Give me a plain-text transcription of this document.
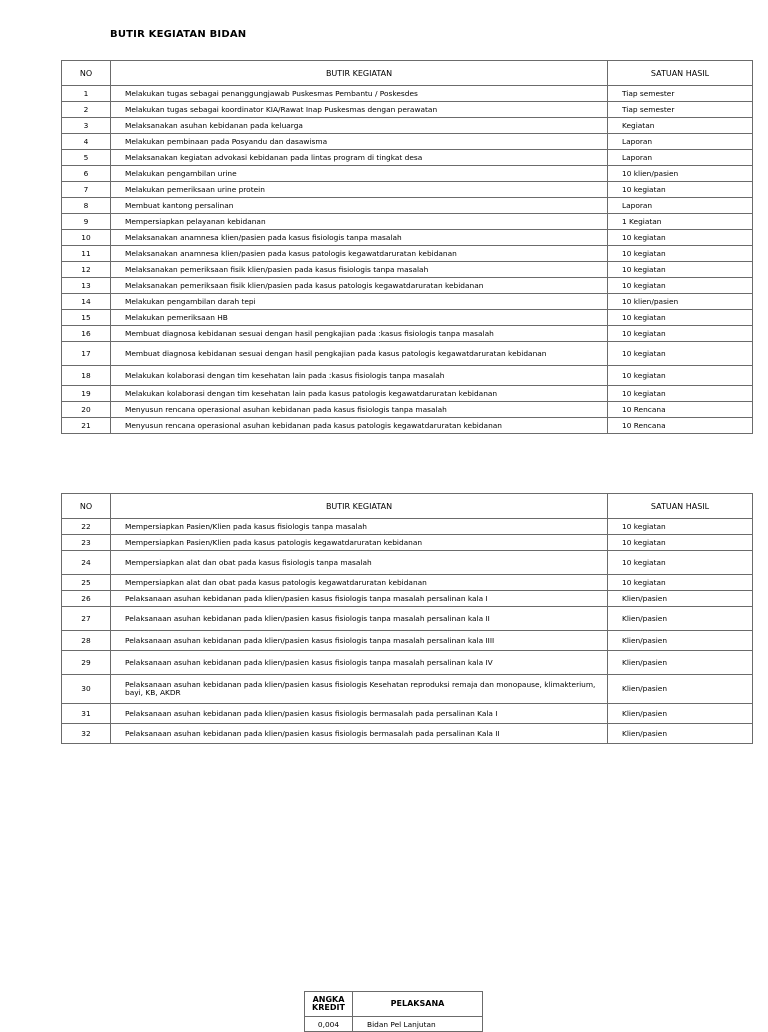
BUTIR KEGIATAN BIDAN
NO	BUTIR KEGIATAN	SATUAN HASIL
1	Melakukan tugas sebagai penanggungjawab Puskesmas Pembantu / Poskesdes	Tiap semester
2	Melakukan tugas sebagai koordinator KIA/Rawat Inap Puskesmas dengan perawatan	Tiap semester
3	Melaksanakan asuhan kebidanan pada keluarga	Kegiatan
4	Melakukan pembinaan pada Posyandu dan dasawisma	Laporan
5	Melaksanakan kegiatan advokasi kebidanan pada lintas program di tingkat desa	Laporan
6	Melakukan pengambilan urine	10 klien/pasien
7	Melakukan pemeriksaan urine protein	10 kegiatan
8	Membuat kantong persalinan	Laporan
9	Mempersiapkan pelayanan kebidanan	1 Kegiatan
10	Melaksanakan anamnesa klien/pasien pada kasus fisiologis tanpa masalah	10 kegiatan
11	Melaksanakan anamnesa klien/pasien pada kasus patologis kegawatdaruratan kebidanan	10 kegiatan
12	Melaksanakan pemeriksaan fisik klien/pasien pada kasus fisiologis tanpa masalah	10 kegiatan
13	Melaksanakan pemeriksaan fisik klien/pasien pada kasus patologis kegawatdaruratan kebidanan	10 kegiatan
14	Melakukan pengambilan darah tepi	10 klien/pasien
15	Melakukan pemeriksaan HB	10 kegiatan
16	Membuat diagnosa kebidanan sesuai dengan hasil pengkajian pada :kasus fisiologis tanpa masalah	10 kegiatan
17	Membuat diagnosa kebidanan sesuai dengan hasil pengkajian pada kasus patologis kegawatdaruratan kebidanan	10 kegiatan
18	Melakukan kolaborasi dengan tim kesehatan lain pada :kasus fisiologis tanpa masalah	10 kegiatan
19	Melakukan kolaborasi dengan tim kesehatan lain pada kasus patologis kegawatdaruratan kebidanan	10 kegiatan
20	Menyusun rencana operasional asuhan kebidanan pada kasus fisiologis tanpa masalah	10 Rencana
21	Menyusun rencana operasional asuhan kebidanan pada kasus patologis kegawatdaruratan kebidanan	10 Rencana
NO	BUTIR KEGIATAN	SATUAN HASIL
22	Mempersiapkan Pasien/Klien pada kasus fisiologis tanpa masalah	10 kegiatan
23	Mempersiapkan Pasien/Klien pada kasus patologis kegawatdaruratan kebidanan	10 kegiatan
24	Mempersiapkan alat dan obat pada kasus fisiologis tanpa masalah	10 kegiatan
25	Mempersiapkan alat dan obat pada kasus patologis kegawatdaruratan kebidanan	10 kegiatan
26	Pelaksanaan asuhan kebidanan pada klien/pasien kasus fisiologis tanpa masalah persalinan kala I	Klien/pasien
27	Pelaksanaan asuhan kebidanan pada klien/pasien kasus fisiologis tanpa masalah persalinan kala II	Klien/pasien
28	Pelaksanaan asuhan kebidanan pada klien/pasien kasus fisiologis tanpa masalah persalinan kala IIII	Klien/pasien
29	Pelaksanaan asuhan kebidanan pada klien/pasien kasus fisiologis tanpa masalah persalinan kala IV	Klien/pasien
30	Pelaksanaan asuhan kebidanan pada klien/pasien kasus fisiologis Kesehatan reproduksi remaja dan monopause, klimakterium, bayi, KB, AKDR	Klien/pasien
31	Pelaksanaan asuhan kebidanan pada klien/pasien kasus fisiologis bermasalah pada persalinan Kala I	Klien/pasien
32	Pelaksanaan asuhan kebidanan pada klien/pasien kasus fisiologis bermasalah pada persalinan Kala II	Klien/pasien
ANGKA KREDIT	PELAKSANA
0,004	Bidan Pel Lanjutan
